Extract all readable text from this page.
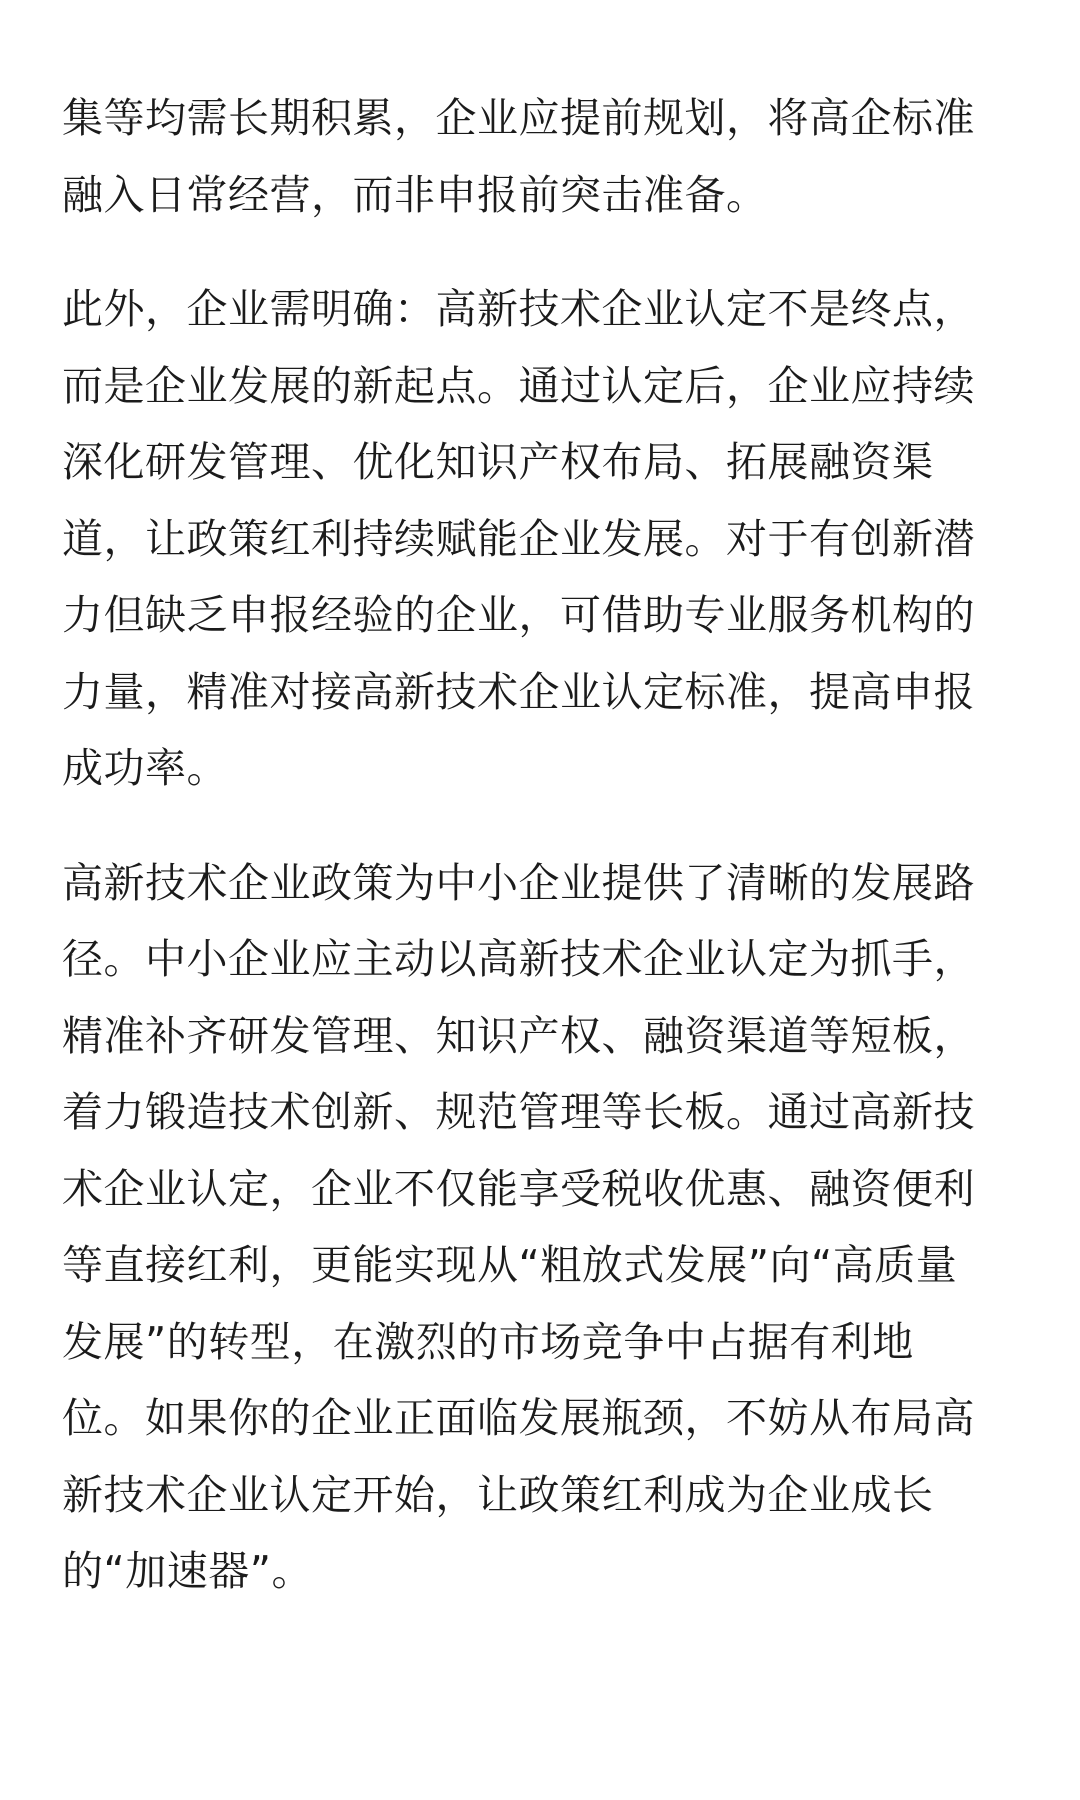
集等均需长期积累，企业应提前规划，将高企标准
融入日常经营，而非申报前突击准备。

此外，企业需明确：高新技术企业认定不是终点，
而是企业发展的新起点。通过认定后，企业应持续
深化研发管理、优化知识产权布局、拓展融资渠
道，让政策红利持续赋能企业发展。对于有创新潜
力但缺乏申报经验的企业，可借助专业服务机构的
力量，精准对接高新技术企业认定标准，提高申报
成功率。

高新技术企业政策为中小企业提供了清晰的发展路
径。中小企业应主动以高新技术企业认定为抓手，
精准补齐研发管理、知识产权、融资渠道等短板，
着力锻造技术创新、规范管理等长板。通过高新技
术企业认定，企业不仅能享受税收优惠、融资便利
等直接红利，更能实现从“粗放式发展”向“高质量
发展”的转型，在激烈的市场竞争中占据有利地
位。如果你的企业正面临发展瓶颈，不妨从布局高
新技术企业认定开始，让政策红利成为企业成长
的“加速器”。
